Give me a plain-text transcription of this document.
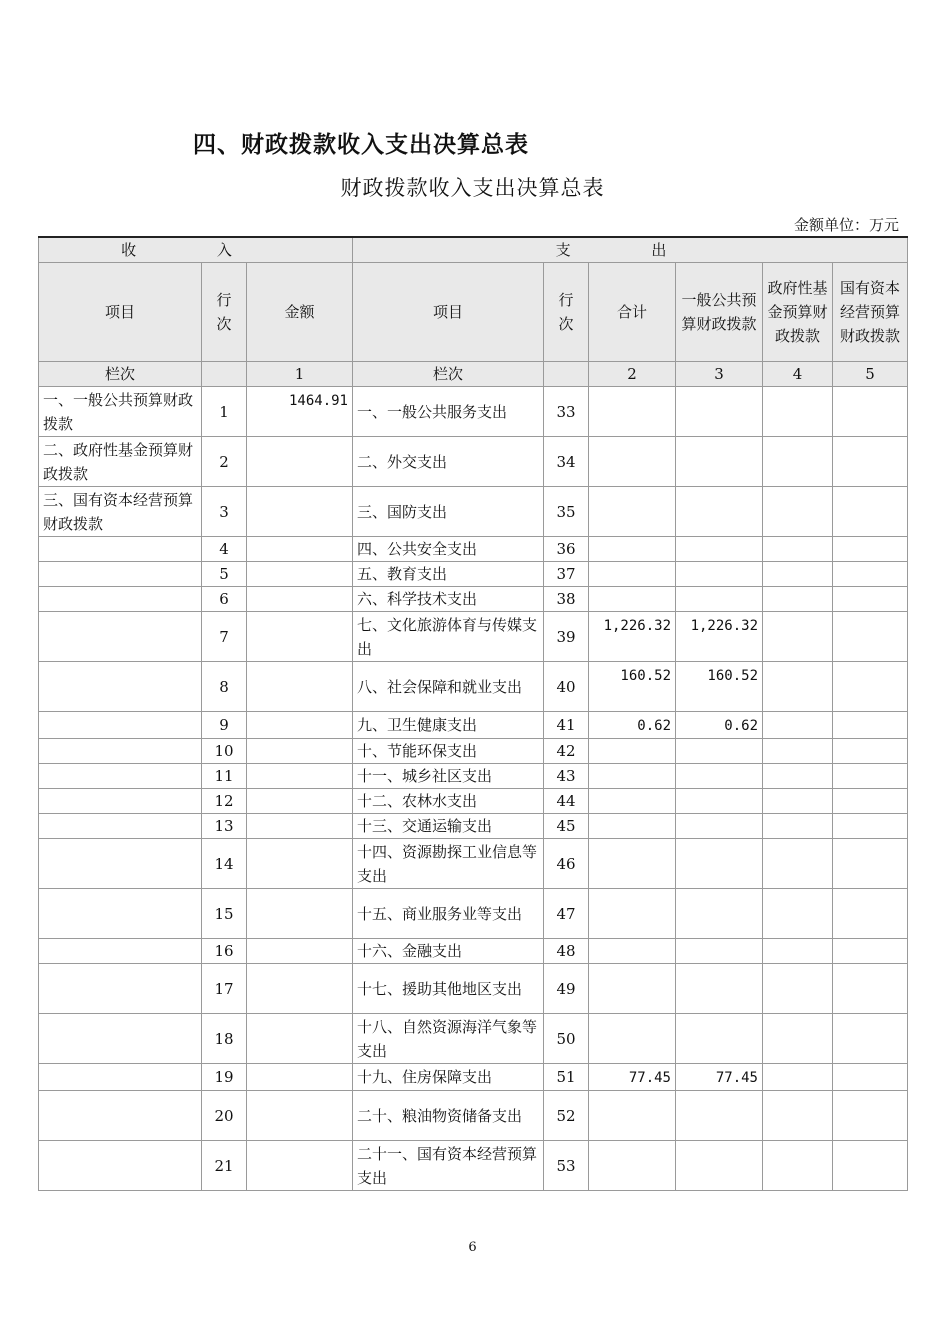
四、财政拨款收入支出决算总表
财政拨款收入支出决算总表
金额单位：万元
收 入			支 出					
项目	行次	金额	项目	行次	合计	一般公共预算财政拨款	政府性基金预算财政拨款	国有资本经营预算财政拨款
栏次		1	栏次		2	3	4	5
一、一般公共预算财政拨款	1	1464.91	一、一般公共服务支出	33				
二、政府性基金预算财政拨款	2		二、外交支出	34				
三、国有资本经营预算财政拨款	3		三、国防支出	35				
	4		四、公共安全支出	36				
	5		五、教育支出	37				
	6		六、科学技术支出	38				
	7		七、文化旅游体育与传媒支出	39	1,226.32	1,226.32		
	8		八、社会保障和就业支出	40	160.52	160.52		
	9		九、卫生健康支出	41	0.62	0.62		
	10		十、节能环保支出	42				
	11		十一、城乡社区支出	43				
	12		十二、农林水支出	44				
	13		十三、交通运输支出	45				
	14		十四、资源勘探工业信息等支出	46				
	15		十五、商业服务业等支出	47				
	16		十六、金融支出	48				
	17		十七、援助其他地区支出	49				
	18		十八、自然资源海洋气象等支出	50				
	19		十九、住房保障支出	51	77.45	77.45		
	20		二十、粮油物资储备支出	52				
	21		二十一、国有资本经营预算支出	53				
6
